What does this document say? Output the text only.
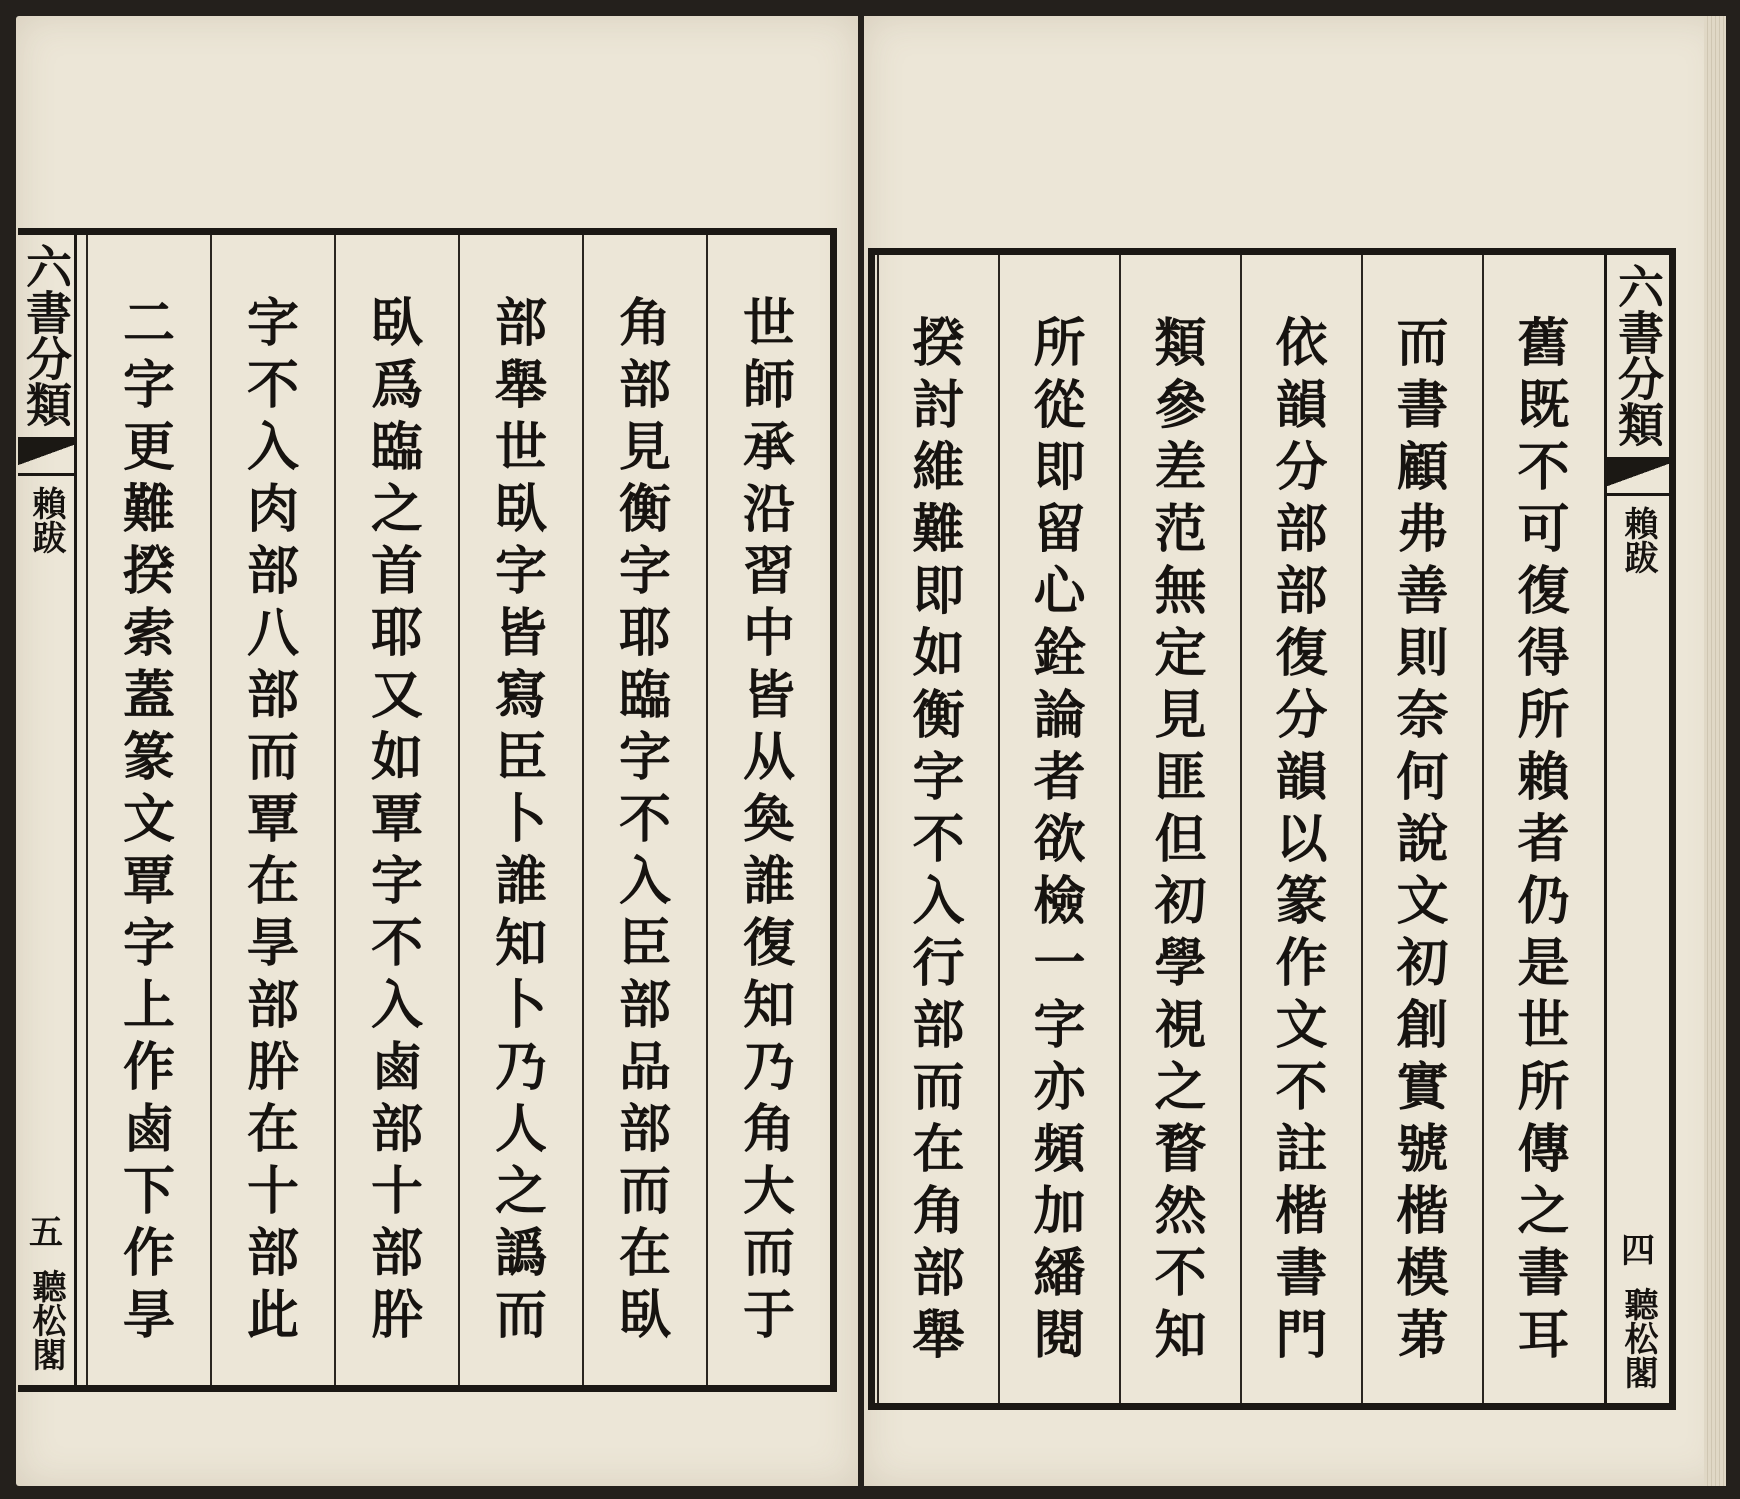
六書分類
賴跋
五
聽松閣
世
師
承
沿
習
中
皆
从
奐
誰
復
知
乃
角
大
而
于
角
部
見
衡
字
耶
臨
字
不
入
臣
部
品
部
而
在
臥
部
舉
世
臥
字
皆
寫
臣
卜
誰
知
卜
乃
人
之
譌
而
臥
爲
臨
之
首
耶
又
如
覃
字
不
入
鹵
部
十
部
肸
字
不
入
肉
部
八
部
而
覃
在
㫗
部
肸
在
十
部
此
二
字
更
難
揆
索
蓋
篆
文
覃
字
上
作
鹵
下
作
㫗
六書分類
賴跋
四
聽松閣
舊
既
不
可
復
得
所
賴
者
仍
是
世
所
傳
之
書
耳
而
書
顧
弗
善
則
奈
何
說
文
初
創
實
號
楷
模
苐
依
韻
分
部
部
復
分
韻
以
篆
作
文
不
註
楷
書
門
類
參
差
范
無
定
見
匪
但
初
學
視
之
瞀
然
不
知
所
從
即
留
心
銓
論
者
欲
檢
一
字
亦
頻
加
繙
閱
揆
討
維
難
即
如
衡
字
不
入
行
部
而
在
角
部
舉
